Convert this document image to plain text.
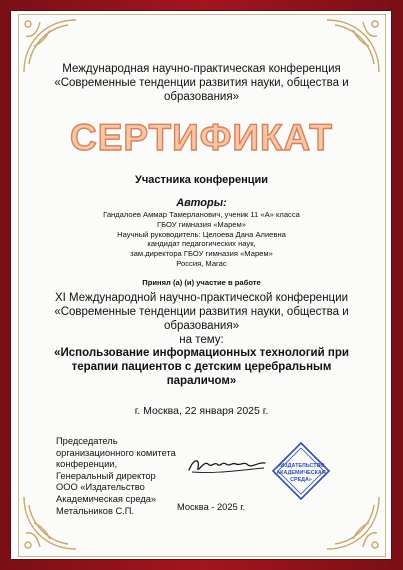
Международная научно-практическая конференция
«Современные тенденции развития науки, общества и
образования»
СЕРТИФИКАТ
Участника конференции
Авторы:
Гандалоев Аммар Тамерланович, ученик 11 «А» класса
ГБОУ гимназия «Марем»
Научный руководитель: Целоева Дана Алиевна
кандидат педагогических наук,
зам.директора ГБОУ гимназия «Марем»
Россия, Магас
Принял (а) (и) участие в работе
XI Международной научно-практической конференции
«Современные тенденции развития науки, общества и
образования»
на тему:
«Использование информационных технологий при
терапии пациентов с детским церебральным
параличом»
г. Москва, 22 января 2025 г.
Председатель
организационного комитета
конференции,
Генеральный директор
ООО «Издательство
Академическая среда»
Метальников С.П.
«ИЗДАТЕЛЬСТВО
АКАДЕМИЧЕСКАЯ
СРЕДА»
Москва - 2025 г.
